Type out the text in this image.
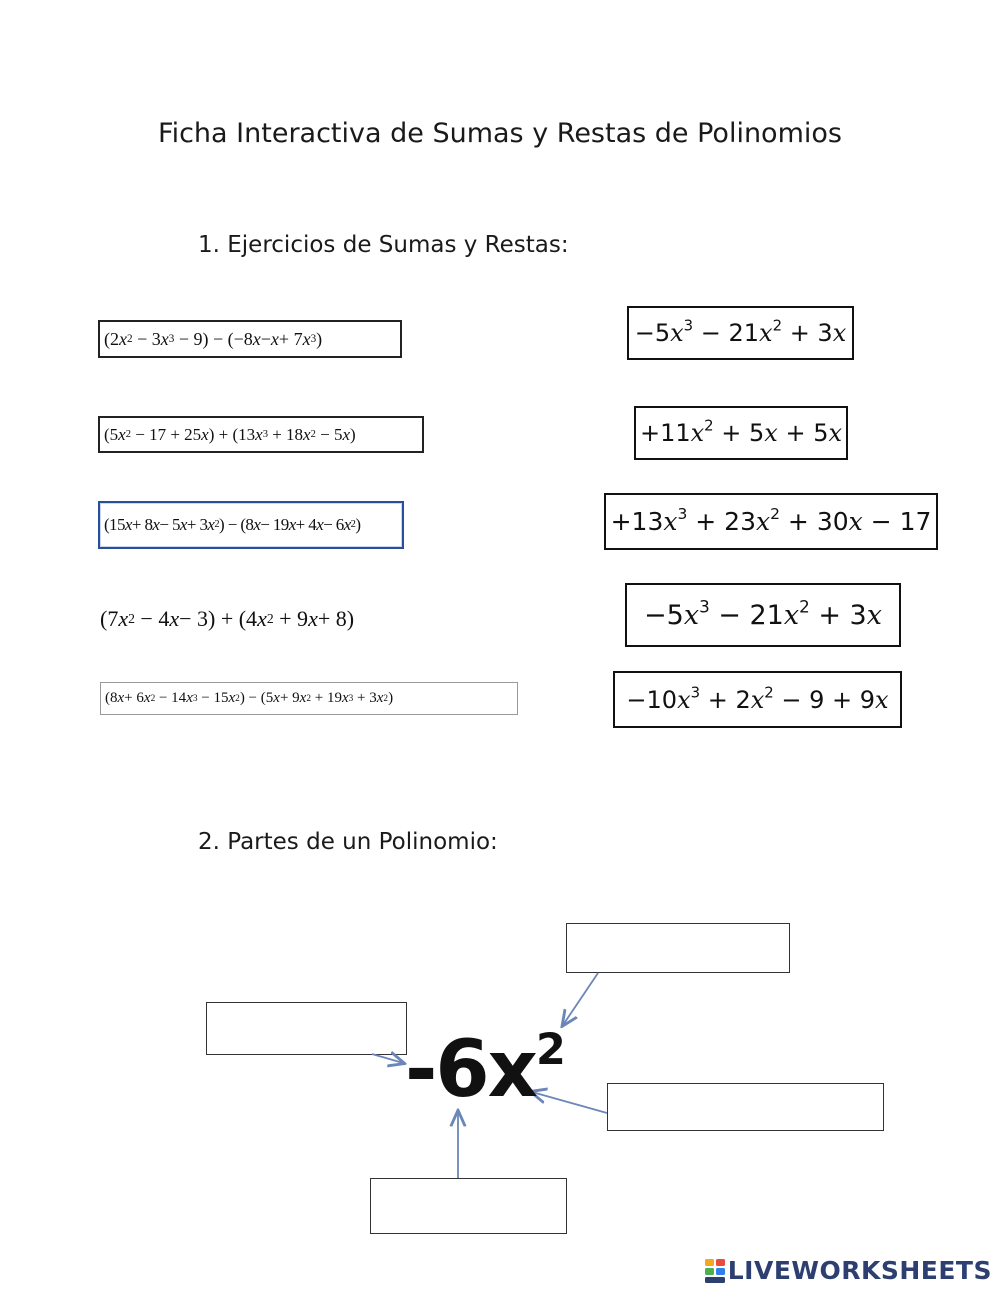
Ficha Interactiva de Sumas y Restas de Polinomios
1. Ejercicios de Sumas y Restas:
(2 x 2 − 3 x 3 − 9) − (−8 x − x + 7 x 3 )
(5 x 2 − 17 + 25 x ) + (13 x 3 + 18 x 2 − 5 x )
(15 x + 8 x − 5 x + 3 x 2 ) − (8 x − 19 x + 4 x − 6 x 2 )
(7 x 2 − 4 x − 3) + (4 x 2 + 9 x + 8)
(8 x + 6 x 2 − 14 x 3 − 15 x 2 ) − (5 x + 9 x 2 + 19 x 3 + 3 x 2 )
$-5x^3 - 21x^2 + 3x$
$+11x^2 + 5x + 5x$
$+13x^3 + 23x^2 + 30x - 17$
$-5x^3 - 21x^2 + 3x$
$-10x^3 + 2x^2 - 9 + 9x$
2. Partes de un Polinomio:
$-6x^2$
LIVEWORKSHEETS
